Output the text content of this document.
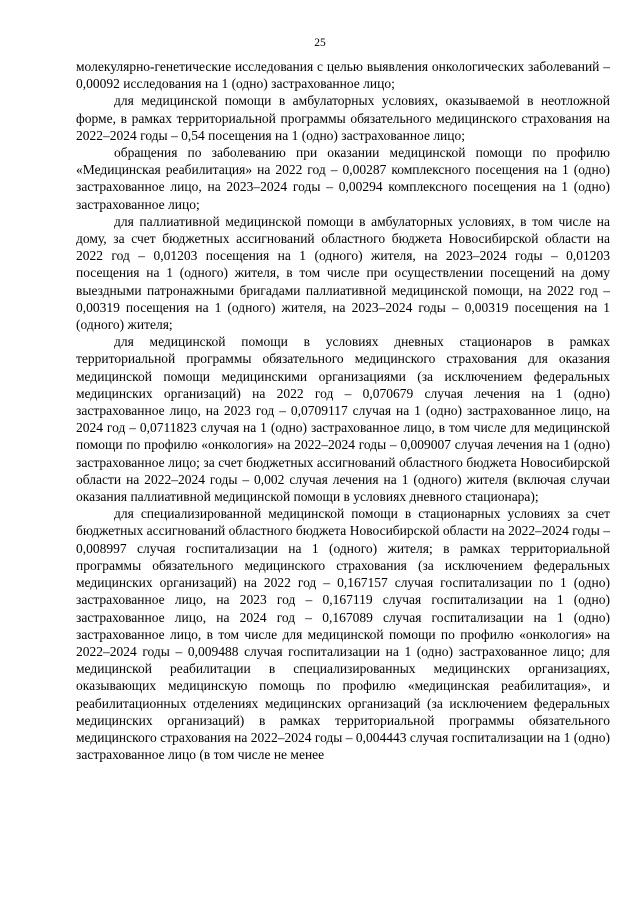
25

молекулярно-генетические исследования с целью выявления онкологических заболеваний – 0,00092 исследования на 1 (одно) застрахованное лицо;

для медицинской помощи в амбулаторных условиях, оказываемой в неотложной форме, в рамках территориальной программы обязательного медицинского страхования на 2022–2024 годы – 0,54 посещения на 1 (одно) застрахованное лицо;

обращения по заболеванию при оказании медицинской помощи по профилю «Медицинская реабилитация» на 2022 год – 0,00287 комплексного посещения на 1 (одно) застрахованное лицо, на 2023–2024 годы – 0,00294 комплексного посещения на 1 (одно) застрахованное лицо;

для паллиативной медицинской помощи в амбулаторных условиях, в том числе на дому, за счет бюджетных ассигнований областного бюджета Новосибирской области на 2022 год – 0,01203 посещения на 1 (одного) жителя, на 2023–2024 годы – 0,01203 посещения на 1 (одного) жителя, в том числе при осуществлении посещений на дому выездными патронажными бригадами паллиативной медицинской помощи, на 2022 год – 0,00319 посещения на 1 (одного) жителя, на 2023–2024 годы – 0,00319 посещения на 1 (одного) жителя;

для медицинской помощи в условиях дневных стационаров в рамках территориальной программы обязательного медицинского страхования для оказания медицинской помощи медицинскими организациями (за исключением федеральных медицинских организаций) на 2022 год – 0,070679 случая лечения на 1 (одно) застрахованное лицо, на 2023 год – 0,0709117 случая на 1 (одно) застрахованное лицо, на 2024 год – 0,0711823 случая на 1 (одно) застрахованное лицо, в том числе для медицинской помощи по профилю «онкология» на 2022–2024 годы – 0,009007 случая лечения на 1 (одно) застрахованное лицо; за счет бюджетных ассигнований областного бюджета Новосибирской области на 2022–2024 годы – 0,002 случая лечения на 1 (одного) жителя (включая случаи оказания паллиативной медицинской помощи в условиях дневного стационара);

для специализированной медицинской помощи в стационарных условиях за счет бюджетных ассигнований областного бюджета Новосибирской области на 2022–2024 годы – 0,008997 случая госпитализации на 1 (одного) жителя; в рамках территориальной программы обязательного медицинского страхования (за исключением федеральных медицинских организаций) на 2022 год – 0,167157 случая госпитализации по 1 (одно) застрахованное лицо, на 2023 год – 0,167119 случая госпитализации на 1 (одно) застрахованное лицо, на 2024 год – 0,167089 случая госпитализации на 1 (одно) застрахованное лицо, в том числе для медицинской помощи по профилю «онкология» на 2022–2024 годы – 0,009488 случая госпитализации на 1 (одно) застрахованное лицо; для медицинской реабилитации в специализированных медицинских организациях, оказывающих медицинскую помощь по профилю «медицинская реабилитация», и реабилитационных отделениях медицинских организаций (за исключением федеральных медицинских организаций) в рамках территориальной программы обязательного медицинского страхования на 2022–2024 годы – 0,004443 случая госпитализации на 1 (одно) застрахованное лицо (в том числе не менее
